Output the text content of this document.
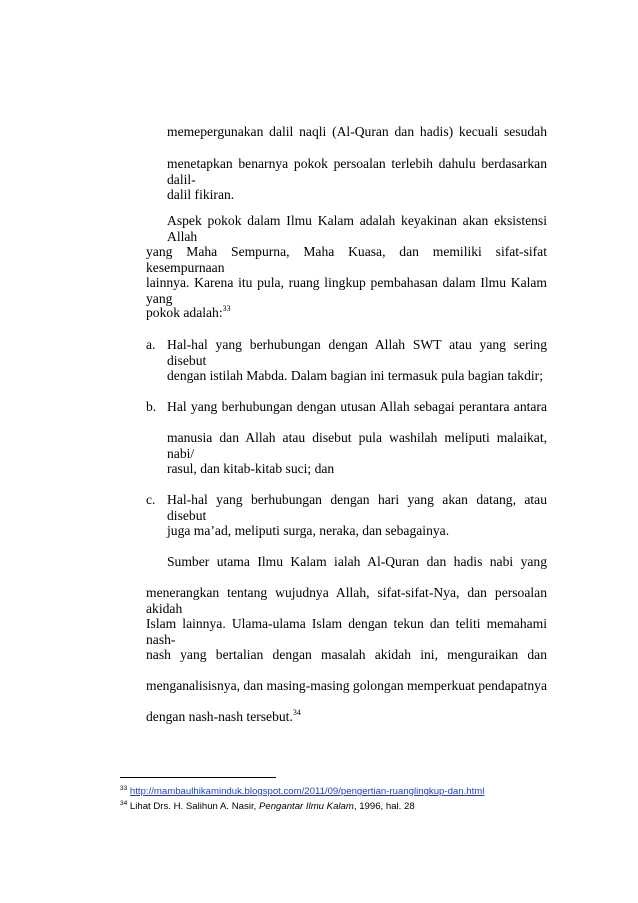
memepergunakan dalil naqli (Al-Quran dan hadis) kecuali sesudah
menetapkan benarnya pokok persoalan terlebih dahulu berdasarkan dalil-
dalil fikiran.
Aspek pokok dalam Ilmu Kalam adalah keyakinan akan eksistensi Allah
yang Maha Sempurna, Maha Kuasa, dan memiliki sifat-sifat kesempurnaan
lainnya. Karena itu pula, ruang lingkup pembahasan dalam Ilmu Kalam yang
pokok adalah:$^{33}$
a. Hal-hal yang berhubungan dengan Allah SWT atau yang sering disebut
dengan istilah Mabda. Dalam bagian ini termasuk pula bagian takdir;
b. Hal yang berhubungan dengan utusan Allah sebagai perantara antara
manusia dan Allah atau disebut pula washilah meliputi malaikat, nabi/
rasul, dan kitab-kitab suci; dan
c. Hal-hal yang berhubungan dengan hari yang akan datang, atau disebut
juga ma’ad, meliputi surga, neraka, dan sebagainya.
Sumber utama Ilmu Kalam ialah Al-Quran dan hadis nabi yang
menerangkan tentang wujudnya Allah, sifat-sifat-Nya, dan persoalan akidah
Islam lainnya. Ulama-ulama Islam dengan tekun dan teliti memahami nash-
nash yang bertalian dengan masalah akidah ini, menguraikan dan
menganalisisnya, dan masing-masing golongan memperkuat pendapatnya
dengan nash-nash tersebut.$^{34}$
$^{33}$ http://mambaulhikaminduk.blogspot.com/2011/09/pengertian-ruanglingkup-dan.html
$^{34}$ Lihat Drs. H. Salihun A. Nasir, Pengantar Ilmu Kalam, 1996, hal. 28
